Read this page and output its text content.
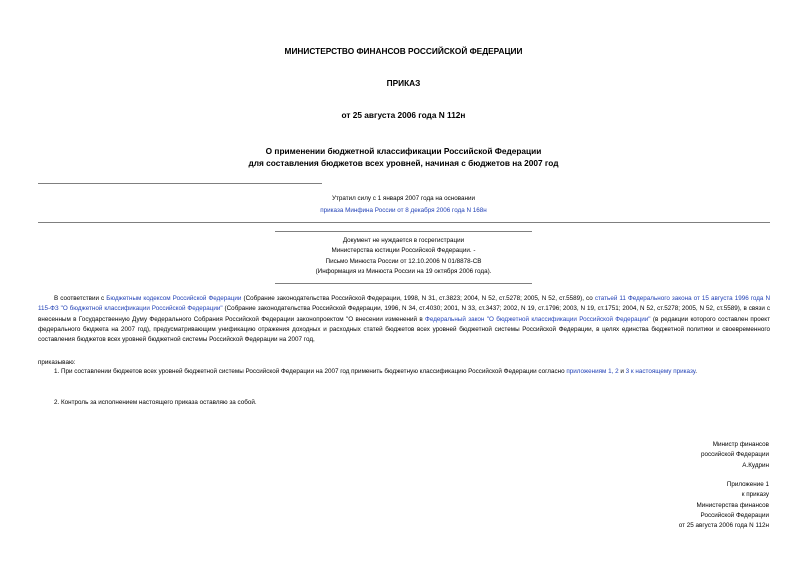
МИНИСТЕРСТВО ФИНАНСОВ РОССИЙСКОЙ ФЕДЕРАЦИИ
ПРИКАЗ
от 25 августа 2006 года N 112н
О применении бюджетной классификации Российской Федерации
для составления бюджетов всех уровней, начиная с бюджетов на 2007 год
Утратил силу с 1 января 2007 года на основании
приказа Минфина России от 8 декабря 2006 года N 168н
Документ не нуждается в госрегистрации
Министерства юстиции Российской Федерации. -
Письмо Минюста России от 12.10.2006 N 01/8878-СВ
(Информация из Минюста России на 19 октября 2006 года).
В соответствии с Бюджетным кодексом Российской Федерации (Собрание законодательства Российской Федерации, 1998, N 31, ст.3823; 2004, N 52, ст.5278; 2005, N 52, ст.5589), со статьей 11 Федерального закона от 15 августа 1996 года N 115-ФЗ "О бюджетной классификации Российской Федерации" (Собрание законодательства Российской Федерации, 1996, N 34, ст.4030; 2001, N 33, ст.3437; 2002, N 19, ст.1796; 2003, N 19, ст.1751; 2004, N 52, ст.5278; 2005, N 52, ст.5589), в связи с внесенным в Государственную Думу Федерального Собрания Российской Федерации законопроектом "О внесении изменений в Федеральный закон "О бюджетной классификации Российской Федерации" (в редакции которого составлен проект федерального бюджета на 2007 год), предусматривающим унификацию отражения доходных и расходных статей бюджетов всех уровней бюджетной системы Российской Федерации, в целях единства бюджетной политики и своевременного составления бюджетов всех уровней бюджетной системы Российской Федерации на 2007 год,
приказываю:
1. При составлении бюджетов всех уровней бюджетной системы Российской Федерации на 2007 год применить бюджетную классификацию Российской Федерации согласно приложениям 1, 2 и 3 к настоящему приказу.
2. Контроль за исполнением настоящего приказа оставляю за собой.
Министр финансов
российской Федерации
А.Кудрин
Приложение 1
к приказу
Министерства финансов
Российской Федерации
от 25 августа 2006 года N 112н
